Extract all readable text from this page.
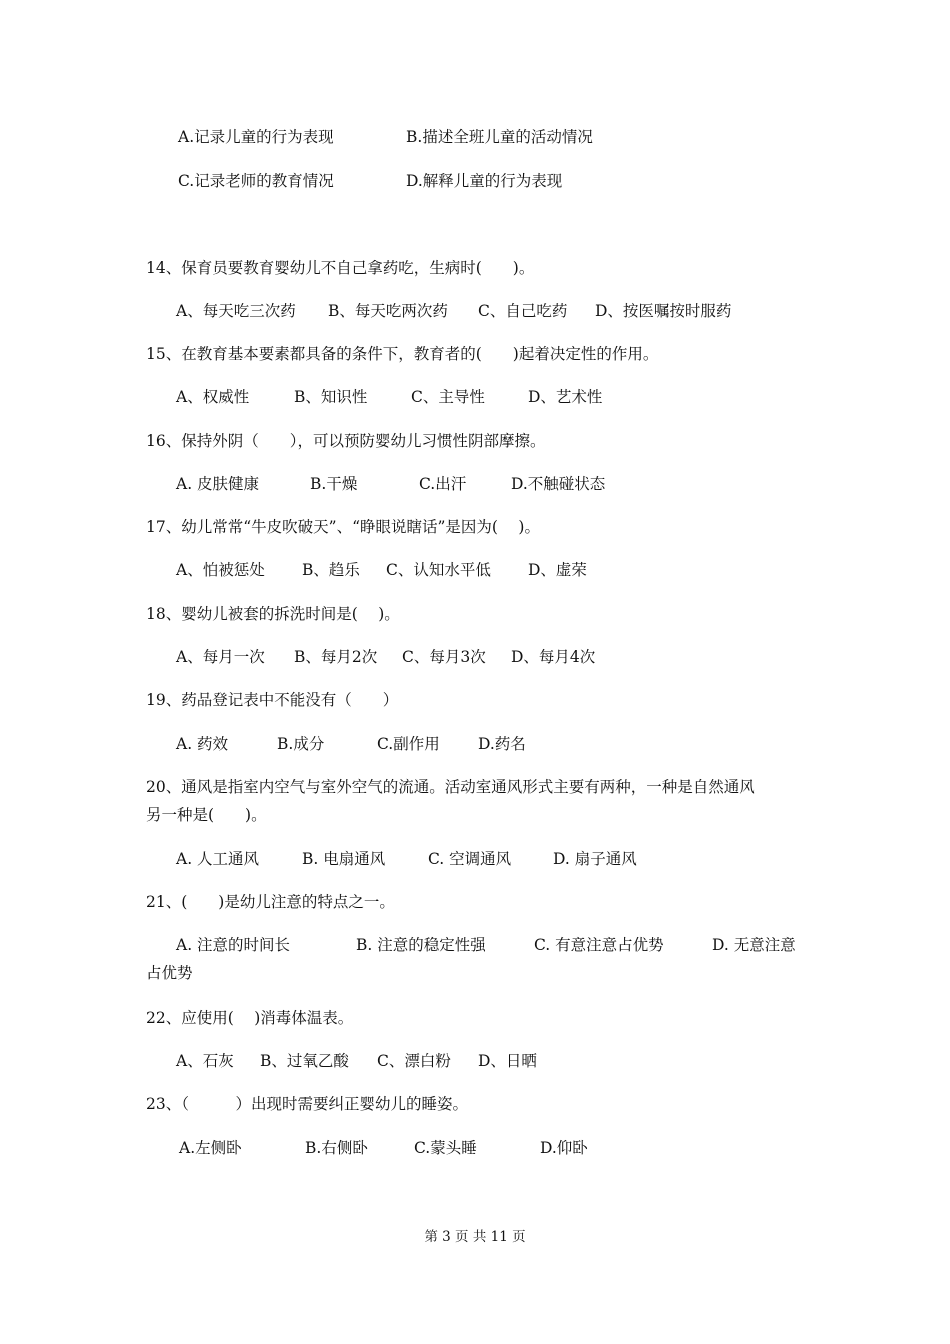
A.记录儿童的行为表现	B.描述全班儿童的活动情况
C.记录老师的教育情况	D.解释儿童的行为表现
14、保育员要教育婴幼儿不自己拿药吃，生病时(　　)。
A、每天吃三次药 B、每天吃两次药 C、自己吃药 D、按医嘱按时服药
15、在教育基本要素都具备的条件下，教育者的(　　)起着决定性的作用。
A、权威性	B、知识性	C、主导性	D、艺术性
16、保持外阴（　　），可以预防婴幼儿习惯性阴部摩擦。
A. 皮肤健康	B.干燥	C.出汗	D.不触碰状态
17、幼儿常常“牛皮吹破天”、“睁眼说瞎话”是因为(　 )。
A、怕被惩处 B、趋乐 C、认知水平低 D、虚荣
18、婴幼儿被套的拆洗时间是(　 )。
A、每月一次 B、每月2次 C、每月3次 D、每月4次
19、药品登记表中不能没有（　　）
A. 药效	B.成分	C.副作用 D.药名
20、通风是指室内空气与室外空气的流通。活动室通风形式主要有两种，一种是自然通风
另一种是(　　)。
A. 人工通风	B. 电扇通风	C. 空调通风	D. 扇子通风
21、(　　)是幼儿注意的特点之一。
A. 注意的时间长	B. 注意的稳定性强	C. 有意注意占优势	D. 无意注意
占优势
22、应使用(　 )消毒体温表。
A、石灰 B、过氧乙酸 C、漂白粉 D、日晒
23、（　　　）出现时需要纠正婴幼儿的睡姿。
A.左侧卧	B.右侧卧	C.蒙头睡	D.仰卧
第 3 页 共 11 页
